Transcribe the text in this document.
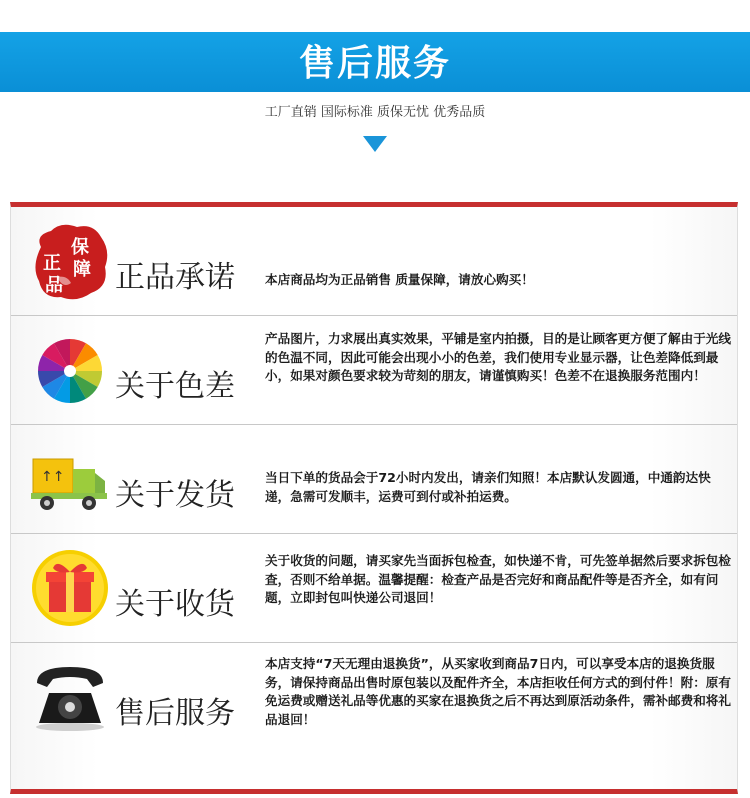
售后服务
工厂直销 国际标准 质保无忧 优秀品质
保
正 障
品 正品承诺 本店商品均为正品销售 质量保障，请放心购买！
关于色差
产品图片，力求展出真实效果，平铺是室内拍摄，目的是让顾客更方便了解由于光线的色温不同，因此可能会出现小小的色差，我们使用专业显示器，让色差降低到最小，如果对颜色要求较为苛刻的朋友，请谨慎购买！色差不在退换服务范围内！
↑↑
关于发货
当日下单的货品会于72小时内发出，请亲们知照！本店默认发圆通，中通韵达快递，急需可发顺丰，运费可到付或补拍运费。
关于收货
关于收货的问题，请买家先当面拆包检查，如快递不肯，可先签单据然后要求拆包检查，否则不给单据。温馨提醒：检查产品是否完好和商品配件等是否齐全，如有问题，立即封包叫快递公司退回！
售后服务
本店支持“7天无理由退换货”，从买家收到商品7日内，可以享受本店的退换货服务，请保持商品出售时原包装以及配件齐全，本店拒收任何方式的到付件！附：原有免运费或赠送礼品等优惠的买家在退换货之后不再达到原活动条件，需补邮费和将礼品退回！
